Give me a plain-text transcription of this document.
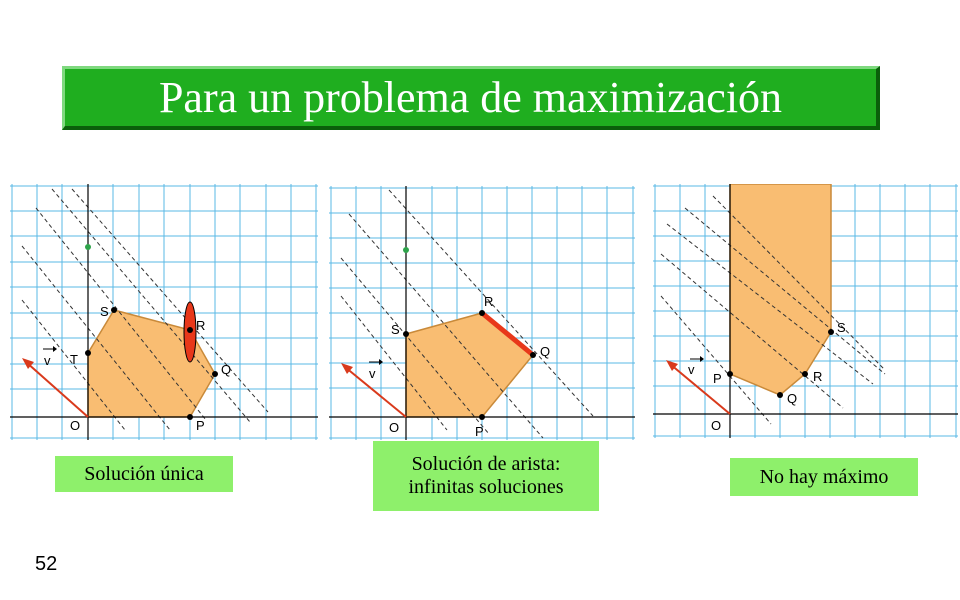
Para un problema de maximización
S
R
Q
T
P
O
v
S
R
Q
P
O
v
S
R
Q
P
O
v
Solución única	Solución de arista:
infinitas soluciones	No hay máximo
52
